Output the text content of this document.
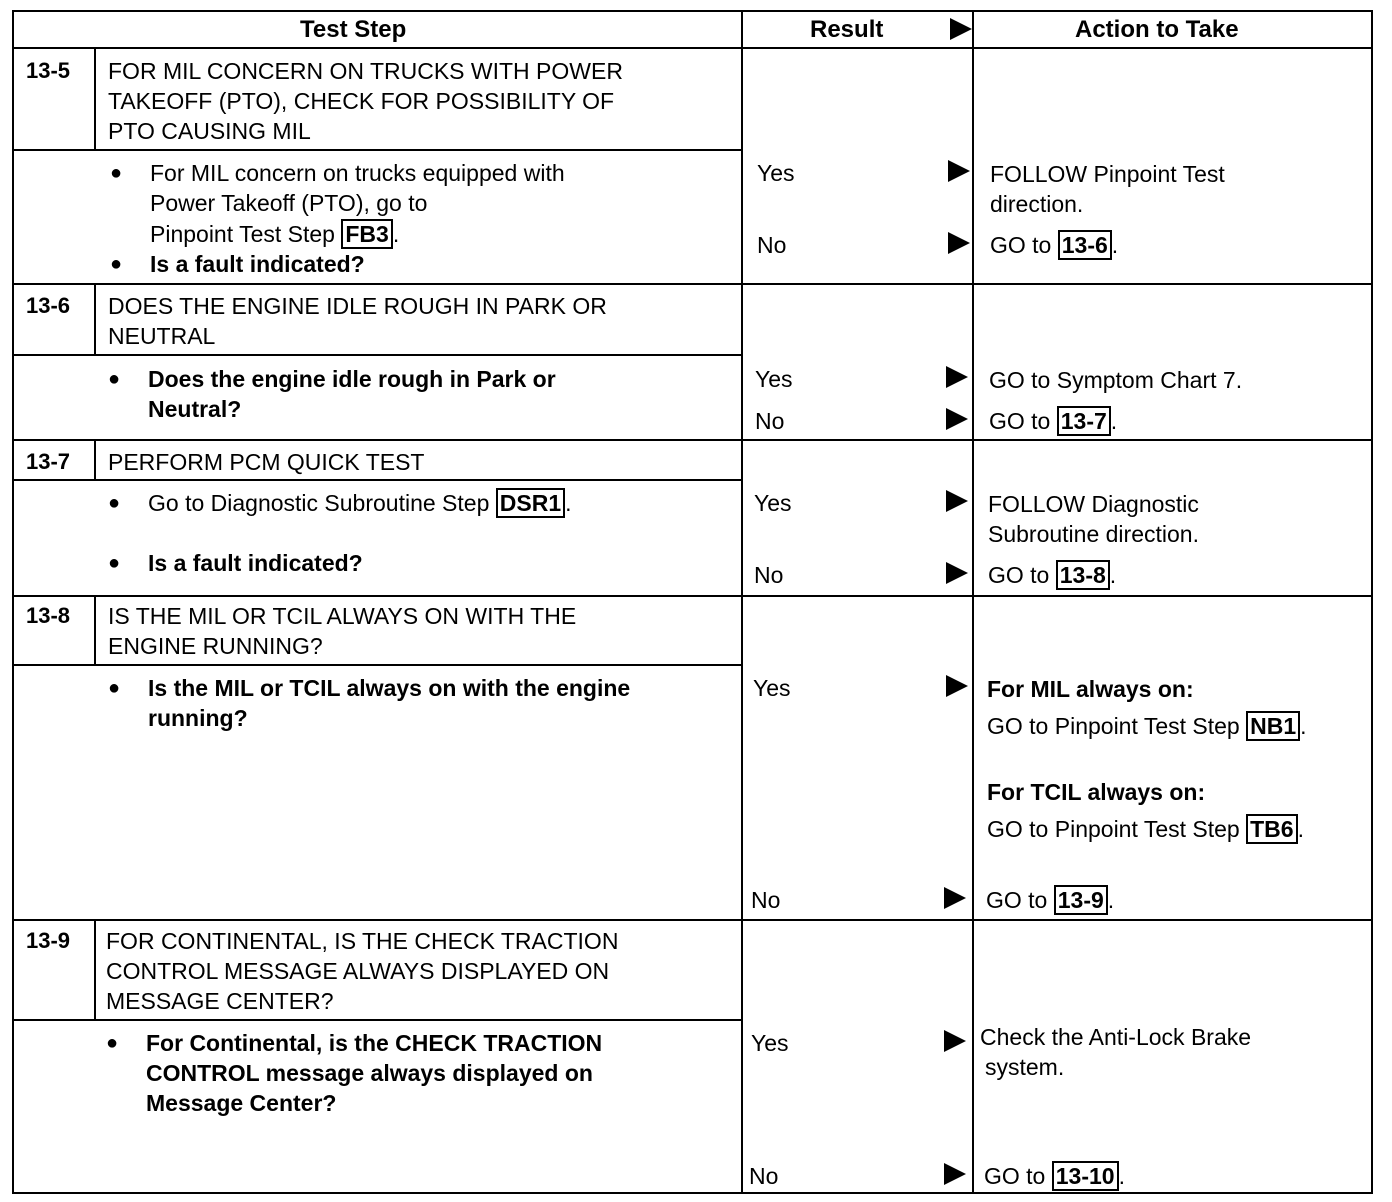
Test Step	Result	Action to Take
13-5 FOR MIL CONCERN ON TRUCKS WITH POWER
TAKEOFF (PTO), CHECK FOR POSSIBILITY OF
PTO CAUSING MIL
● For MIL concern on trucks equipped with
Power Takeoff (PTO), go to
Pinpoint Test Step FB3 .
● Is a fault indicated?
Yes
No
FOLLOW Pinpoint Test
direction.
GO to 13-6 .
13-6 DOES THE ENGINE IDLE ROUGH IN PARK OR
NEUTRAL
● Does the engine idle rough in Park or
Neutral?
Yes
No
GO to Symptom Chart 7.
GO to 13-7 .
13-7 PERFORM PCM QUICK TEST
● Go to Diagnostic Subroutine Step DSR1 .
● Is a fault indicated?
Yes
No
FOLLOW Diagnostic
Subroutine direction.
GO to 13-8 .
13-8 IS THE MIL OR TCIL ALWAYS ON WITH THE
ENGINE RUNNING?
● Is the MIL or TCIL always on with the engine
running?
Yes
No
For MIL always on:
GO to Pinpoint Test Step NB1 .
For TCIL always on:
GO to Pinpoint Test Step TB6 .
GO to 13-9 .
13-9 FOR CONTINENTAL, IS THE CHECK TRACTION
CONTROL MESSAGE ALWAYS DISPLAYED ON
MESSAGE CENTER?
● For Continental, is the CHECK TRACTION
CONTROL message always displayed on
Message Center?
Yes
No
Check the Anti-Lock Brake
system.
GO to 13-10 .
